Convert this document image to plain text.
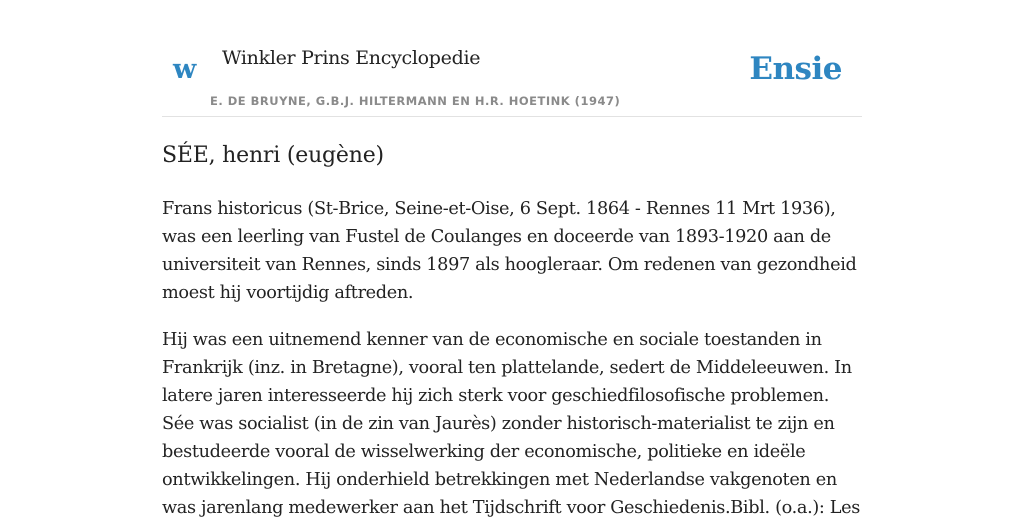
w Winkler Prins Encyclopedie
E. DE BRUYNE, G.B.J. HILTERMANN EN H.R. HOETINK (1947)
Ensie
SÉE, henri (eugène)

Frans historicus (St-Brice, Seine-et-Oise, 6 Sept. 1864 - Rennes 11 Mrt 1936), was een leerling van Fustel de Coulanges en doceerde van 1893-1920 aan de universiteit van Rennes, sinds 1897 als hoogleraar. Om redenen van gezondheid moest hij voortijdig aftreden.

Hij was een uitnemend kenner van de economische en sociale toestanden in Frankrijk (inz. in Bretagne), vooral ten plattelande, sedert de Middeleeuwen. In latere jaren interesseerde hij zich sterk voor geschiedfilosofische problemen. Sée was socialist (in de zin van Jaurès) zonder historisch-materialist te zijn en bestudeerde vooral de wisselwerking der economische, politieke en ideële ontwikkelingen. Hij onderhield betrekkingen met Nederlandse vakgenoten en was jarenlang medewerker aan het Tijdschrift voor Geschiedenis.Bibl. (o.a.): Les
